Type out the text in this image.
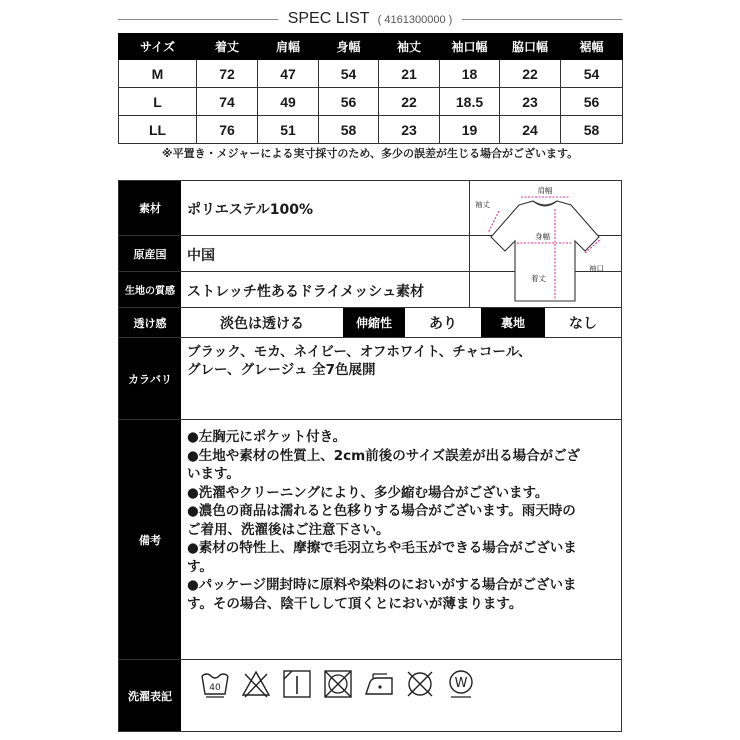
SPEC LIST ( 4161300000 )
サイズ	着丈	肩幅	身幅	袖丈	袖口幅	脇口幅	裾幅
M	72	47	54	21	18	22	54
L	74	49	56	22	18.5	23	56
LL	76	51	58	23	19	24	58
※平置き・メジャーによる実寸採寸のため、多少の誤差が生じる場合がございます。
素材	ポリエステル100%
原産国	中国
生地の質感 ストレッチ性あるドライメッシュ素材
肩幅
袖丈
身幅
着丈
袖口
透け感	淡色は透ける	伸縮性	あり	裏地	なし
カラバリ
ブラック、モカ、ネイビー、オフホワイト、チャコール、
グレー、グレージュ 全7色展開
備考
●左胸元にポケット付き。
●生地や素材の性質上、2cm前後のサイズ誤差が出る場合がござ
います。
●洗濯やクリーニングにより、多少縮む場合がございます。
●濃色の商品は濡れると色移りする場合がございます。雨天時の
ご着用、洗濯後はご注意下さい。
●素材の特性上、摩擦で毛羽立ちや毛玉ができる場合がございま
す。
●パッケージ開封時に原料や染料のにおいがする場合がございま
す。その場合、陰干しして頂くとにおいが薄まります。
洗濯表記
40	W
